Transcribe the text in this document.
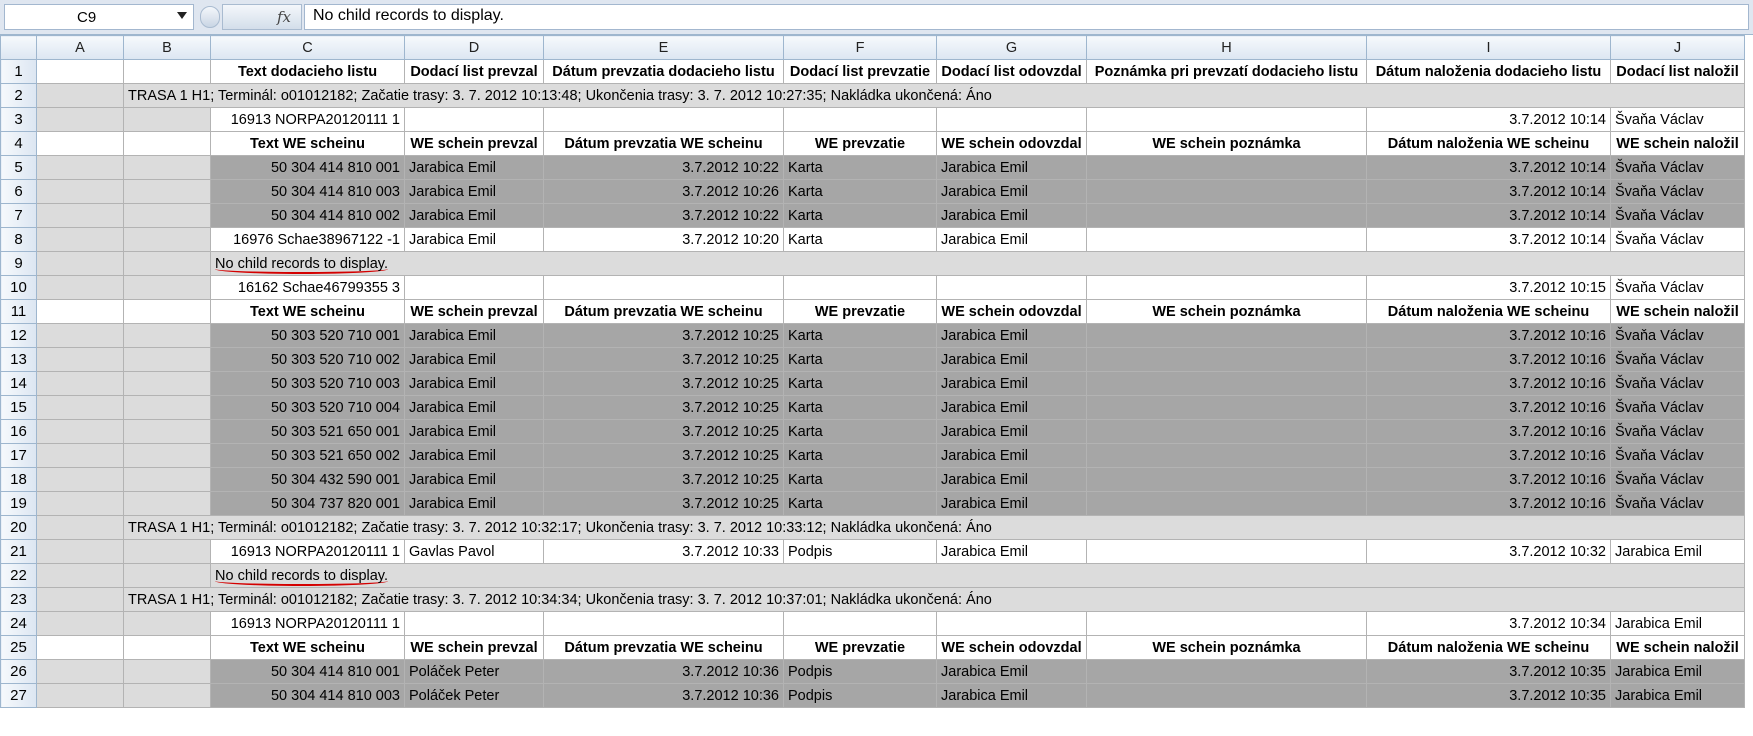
C9	fx	No child records to display.
	A	B	C	D	E	F	G	H	I	J
1			Text dodacieho listu	Dodací list prevzal	Dátum prevzatia dodacieho listu	Dodací list prevzatie	Dodací list odovzdal	Poznámka pri prevzatí dodacieho listu	Dátum naloženia dodacieho listu	Dodací list naložil
2		TRASA 1 H1; Terminál: o01012182; Začatie trasy: 3. 7. 2012 10:13:48; Ukončenia trasy: 3. 7. 2012 10:27:35; Nakládka ukončená: Áno								
3			16913 NORPA20120111 1						3.7.2012 10:14	Švaňa Václav
4			Text WE scheinu	WE schein prevzal	Dátum prevzatia WE scheinu	WE prevzatie	WE schein odovzdal	WE schein poznámka	Dátum naloženia WE scheinu	WE schein naložil
5			50 304 414 810 001	Jarabica Emil	3.7.2012 10:22	Karta	Jarabica Emil		3.7.2012 10:14	Švaňa Václav
6			50 304 414 810 003	Jarabica Emil	3.7.2012 10:26	Karta	Jarabica Emil		3.7.2012 10:14	Švaňa Václav
7			50 304 414 810 002	Jarabica Emil	3.7.2012 10:22	Karta	Jarabica Emil		3.7.2012 10:14	Švaňa Václav
8			16976 Schae38967122 -1	Jarabica Emil	3.7.2012 10:20	Karta	Jarabica Emil		3.7.2012 10:14	Švaňa Václav
9			No child records to display.							
10			16162 Schae46799355 3						3.7.2012 10:15	Švaňa Václav
11			Text WE scheinu	WE schein prevzal	Dátum prevzatia WE scheinu	WE prevzatie	WE schein odovzdal	WE schein poznámka	Dátum naloženia WE scheinu	WE schein naložil
12			50 303 520 710 001	Jarabica Emil	3.7.2012 10:25	Karta	Jarabica Emil		3.7.2012 10:16	Švaňa Václav
13			50 303 520 710 002	Jarabica Emil	3.7.2012 10:25	Karta	Jarabica Emil		3.7.2012 10:16	Švaňa Václav
14			50 303 520 710 003	Jarabica Emil	3.7.2012 10:25	Karta	Jarabica Emil		3.7.2012 10:16	Švaňa Václav
15			50 303 520 710 004	Jarabica Emil	3.7.2012 10:25	Karta	Jarabica Emil		3.7.2012 10:16	Švaňa Václav
16			50 303 521 650 001	Jarabica Emil	3.7.2012 10:25	Karta	Jarabica Emil		3.7.2012 10:16	Švaňa Václav
17			50 303 521 650 002	Jarabica Emil	3.7.2012 10:25	Karta	Jarabica Emil		3.7.2012 10:16	Švaňa Václav
18			50 304 432 590 001	Jarabica Emil	3.7.2012 10:25	Karta	Jarabica Emil		3.7.2012 10:16	Švaňa Václav
19			50 304 737 820 001	Jarabica Emil	3.7.2012 10:25	Karta	Jarabica Emil		3.7.2012 10:16	Švaňa Václav
20		TRASA 1 H1; Terminál: o01012182; Začatie trasy: 3. 7. 2012 10:32:17; Ukončenia trasy: 3. 7. 2012 10:33:12; Nakládka ukončená: Áno								
21			16913 NORPA20120111 1	Gavlas Pavol	3.7.2012 10:33	Podpis	Jarabica Emil		3.7.2012 10:32	Jarabica Emil
22			No child records to display.							
23		TRASA 1 H1; Terminál: o01012182; Začatie trasy: 3. 7. 2012 10:34:34; Ukončenia trasy: 3. 7. 2012 10:37:01; Nakládka ukončená: Áno								
24			16913 NORPA20120111 1						3.7.2012 10:34	Jarabica Emil
25			Text WE scheinu	WE schein prevzal	Dátum prevzatia WE scheinu	WE prevzatie	WE schein odovzdal	WE schein poznámka	Dátum naloženia WE scheinu	WE schein naložil
26			50 304 414 810 001	Poláček Peter	3.7.2012 10:36	Podpis	Jarabica Emil		3.7.2012 10:35	Jarabica Emil
27			50 304 414 810 003	Poláček Peter	3.7.2012 10:36	Podpis	Jarabica Emil		3.7.2012 10:35	Jarabica Emil
